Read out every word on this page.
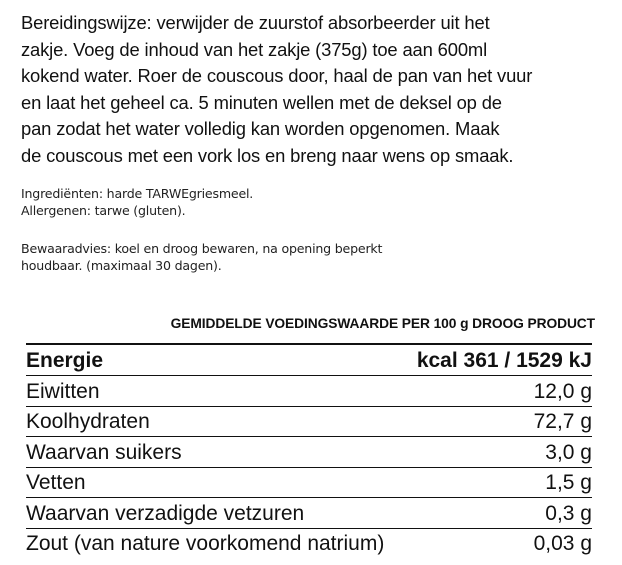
Bereidingswijze: verwijder de zuurstof absorbeerder uit het
zakje. Voeg de inhoud van het zakje (375g) toe aan 600ml
kokend water. Roer de couscous door, haal de pan van het vuur
en laat het geheel ca. 5 minuten wellen met de deksel op de
pan zodat het water volledig kan worden opgenomen. Maak
de couscous met een vork los en breng naar wens op smaak.
Ingrediënten: harde TARWEgriesmeel.
Allergenen: tarwe (gluten).
Bewaaradvies: koel en droog bewaren, na opening beperkt
houdbaar. (maximaal 30 dagen).
GEMIDDELDE VOEDINGSWAARDE PER 100 g DROOG PRODUCT
Energie	kcal 361 / 1529 kJ
Eiwitten	12,0 g
Koolhydraten	72,7 g
Waarvan suikers	3,0 g
Vetten	1,5 g
Waarvan verzadigde vetzuren	0,3 g
Zout (van nature voorkomend natrium)	0,03 g
